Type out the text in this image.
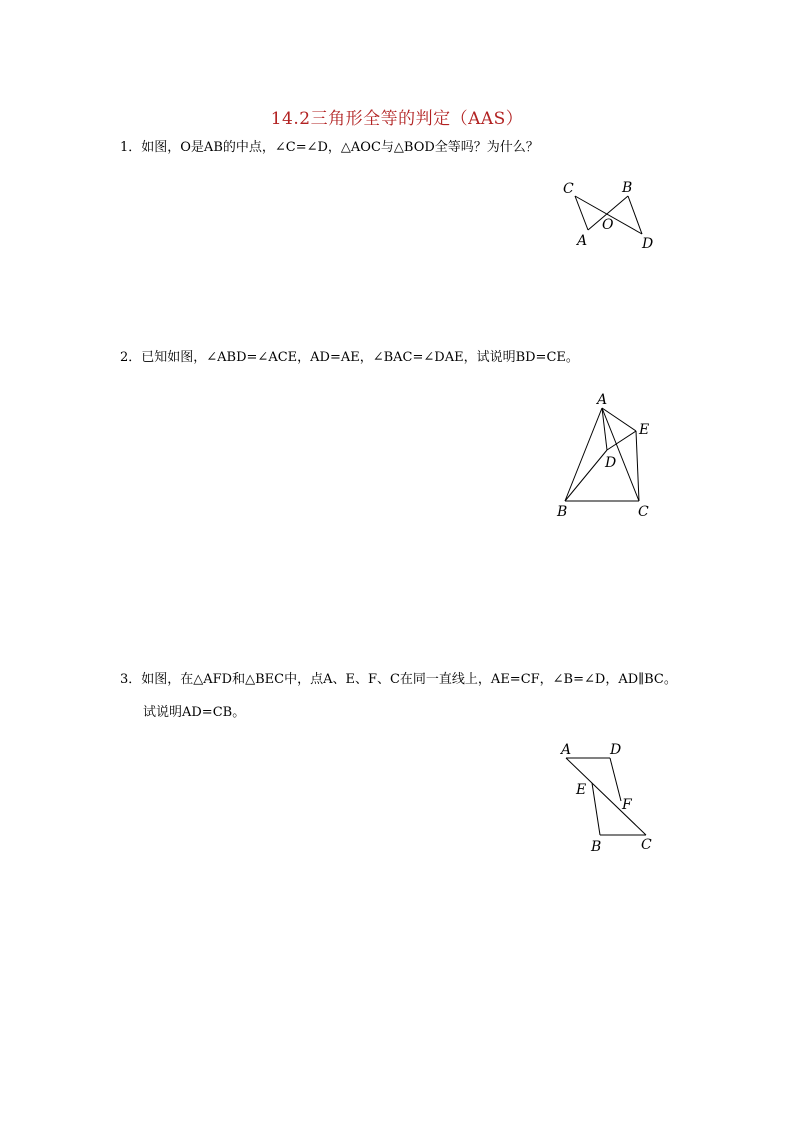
14.2三角形全等的判定（AAS）
1．如图，O是AB的中点，∠C=∠D，△AOC与△BOD全等吗？为什么？
C	B
O
A	D
2．已知如图，∠ABD=∠ACE，AD=AE，∠BAC=∠DAE，试说明BD=CE。
A
E
D
B	C
3．如图，在△AFD和△BEC中，点A、E、F、C在同一直线上，AE=CF，∠B=∠D，AD∥BC。
试说明AD=CB。
A	D
E
F
B	C
